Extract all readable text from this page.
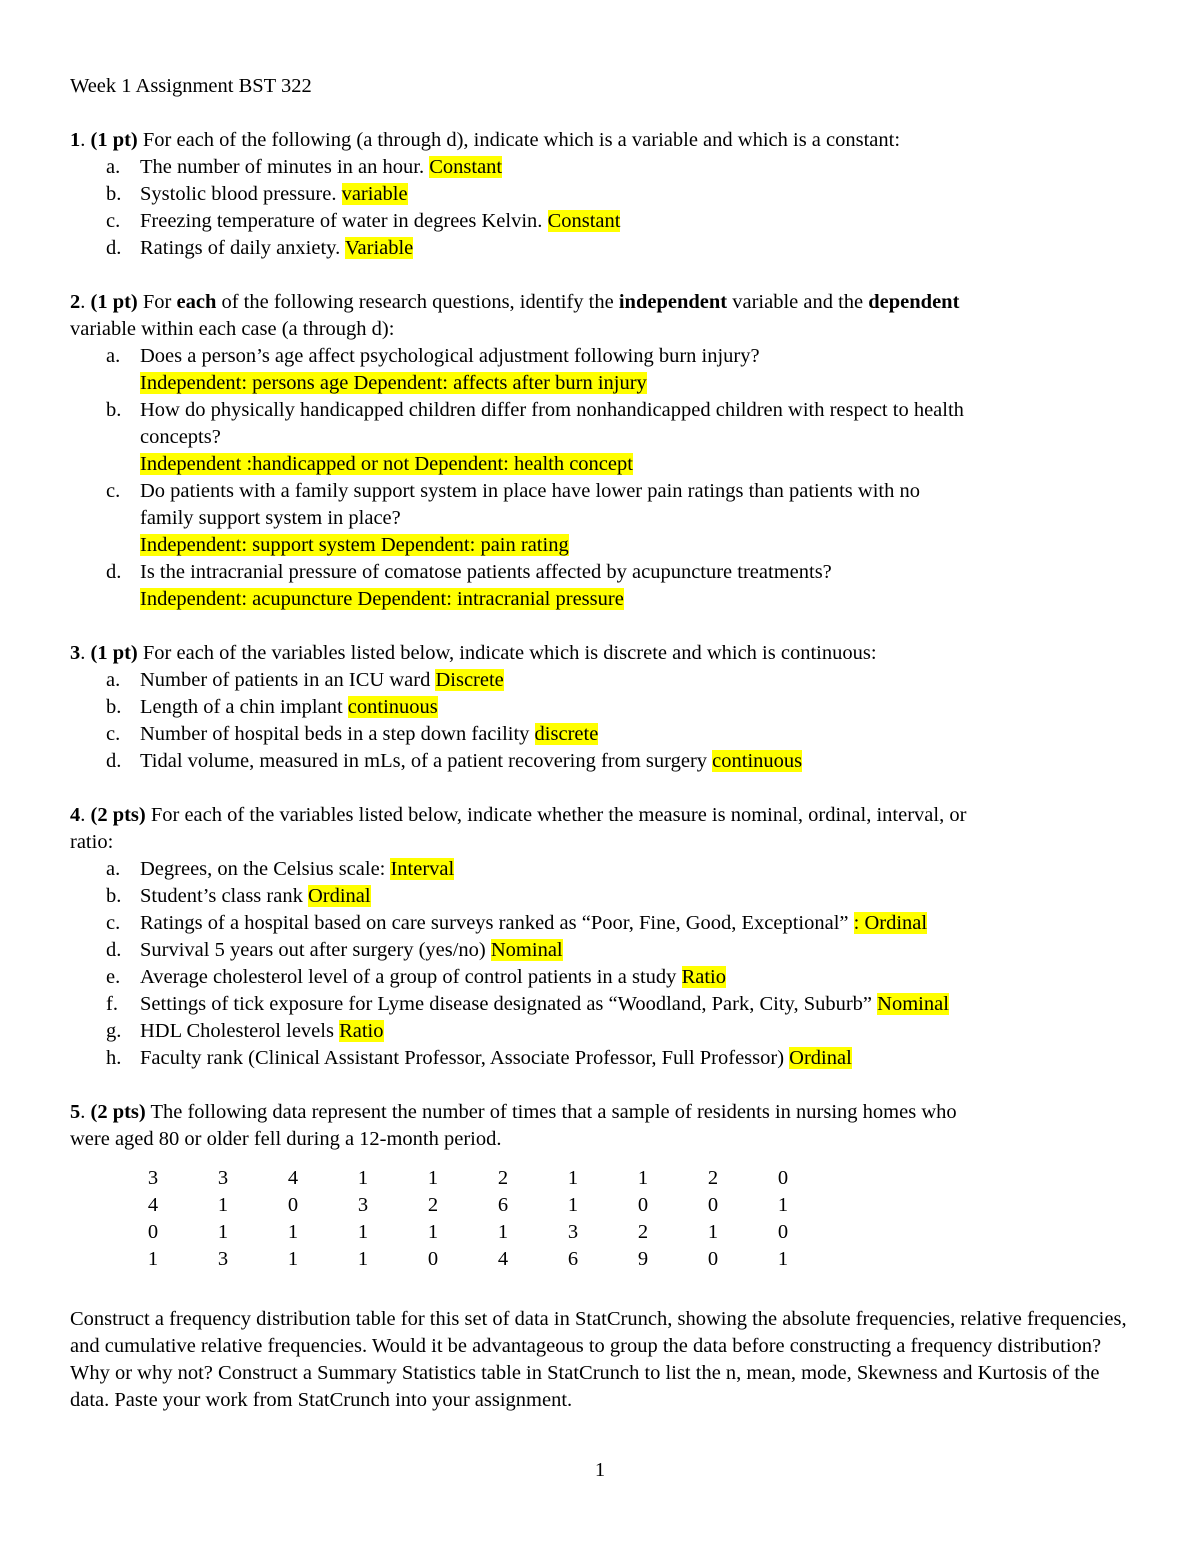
Week 1 Assignment BST 322
1. (1 pt) For each of the following (a through d), indicate which is a variable and which is a constant:
a. The number of minutes in an hour. Constant
b. Systolic blood pressure. variable
c. Freezing temperature of water in degrees Kelvin. Constant
d. Ratings of daily anxiety. Variable
2. (1 pt) For each of the following research questions, identify the independent variable and the dependent
variable within each case (a through d):
a. Does a person’s age affect psychological adjustment following burn injury?
Independent: persons age Dependent: affects after burn injury
b. How do physically handicapped children differ from nonhandicapped children with respect to health
concepts?
Independent :handicapped or not Dependent: health concept
c. Do patients with a family support system in place have lower pain ratings than patients with no
family support system in place?
Independent: support system Dependent: pain rating
d. Is the intracranial pressure of comatose patients affected by acupuncture treatments?
Independent: acupuncture Dependent: intracranial pressure
3. (1 pt) For each of the variables listed below, indicate which is discrete and which is continuous:
a. Number of patients in an ICU ward Discrete
b. Length of a chin implant continuous
c. Number of hospital beds in a step down facility discrete
d. Tidal volume, measured in mLs, of a patient recovering from surgery continuous
4. (2 pts) For each of the variables listed below, indicate whether the measure is nominal, ordinal, interval, or
ratio:
a. Degrees, on the Celsius scale: Interval
b. Student’s class rank Ordinal
c. Ratings of a hospital based on care surveys ranked as “Poor, Fine, Good, Exceptional” : Ordinal
d. Survival 5 years out after surgery (yes/no) Nominal
e. Average cholesterol level of a group of control patients in a study Ratio
f. Settings of tick exposure for Lyme disease designated as “Woodland, Park, City, Suburb” Nominal
g. HDL Cholesterol levels Ratio
h. Faculty rank (Clinical Assistant Professor, Associate Professor, Full Professor) Ordinal
5. (2 pts) The following data represent the number of times that a sample of residents in nursing homes who
were aged 80 or older fell during a 12-month period.
3	3	4	1	1	2	1	1	2	0
4	1	0	3	2	6	1	0	0	1
0	1	1	1	1	1	3	2	1	0
1	3	1	1	0	4	6	9	0	1
Construct a frequency distribution table for this set of data in StatCrunch, showing the absolute frequencies, relative frequencies, and cumulative relative frequencies. Would it be advantageous to group the data before constructing a frequency distribution? Why or why not? Construct a Summary Statistics table in StatCrunch to list the n, mean, mode, Skewness and Kurtosis of the data. Paste your work from StatCrunch into your assignment.
1
